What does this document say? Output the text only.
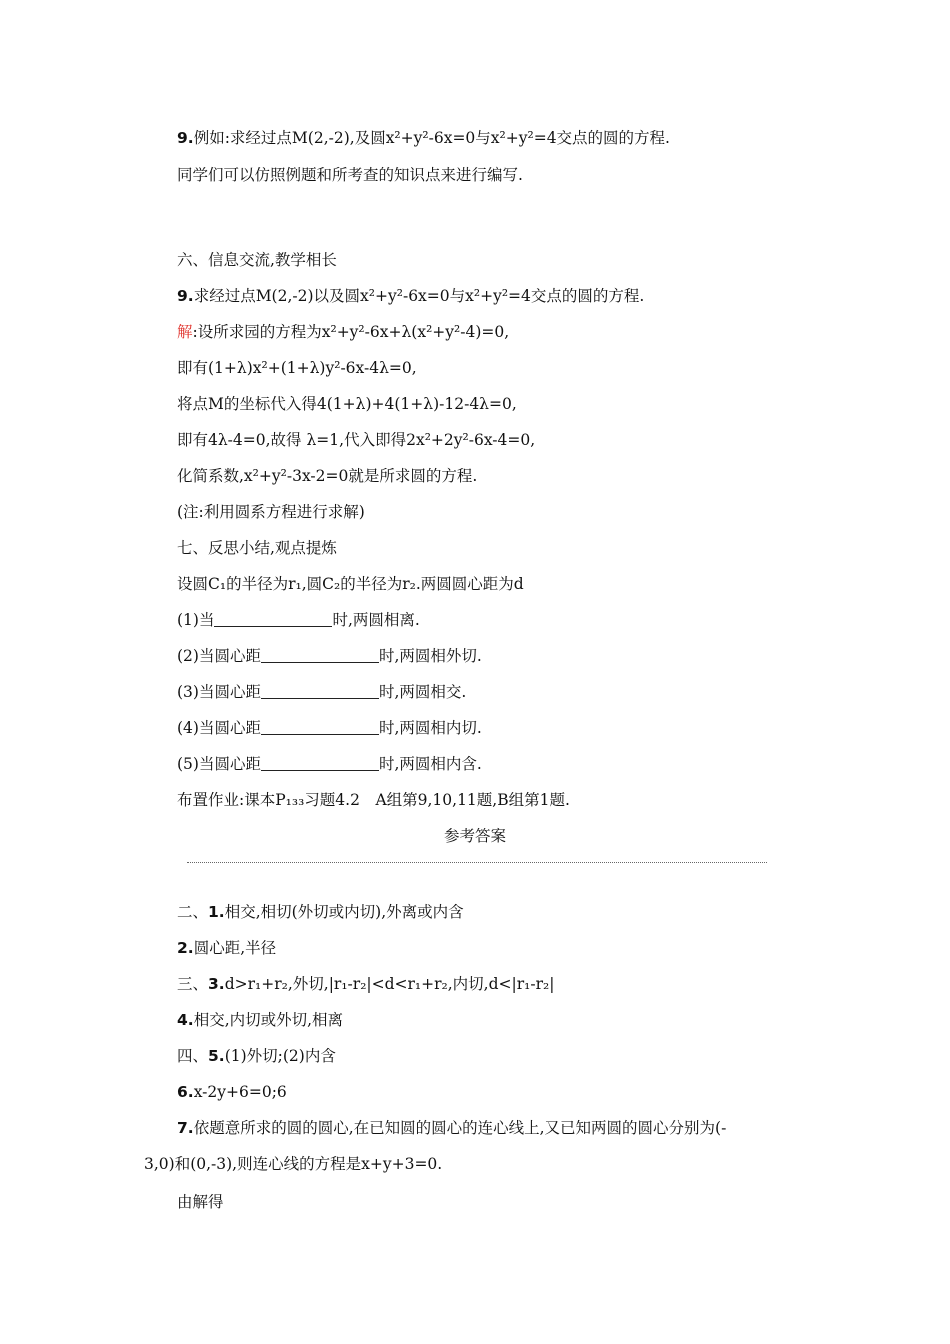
9.例如:求经过点M(2,-2),及圆x²+y²-6x=0与x²+y²=4交点的圆的方程.
同学们可以仿照例题和所考查的知识点来进行编写.
六、信息交流,教学相长
9.求经过点M(2,-2)以及圆x²+y²-6x=0与x²+y²=4交点的圆的方程.
解:设所求园的方程为x²+y²-6x+λ(x²+y²-4)=0,
即有(1+λ)x²+(1+λ)y²-6x-4λ=0,
将点M的坐标代入得4(1+λ)+4(1+λ)-12-4λ=0,
即有4λ-4=0,故得 λ=1,代入即得2x²+2y²-6x-4=0,
化简系数,x²+y²-3x-2=0就是所求圆的方程.
(注:利用圆系方程进行求解)
七、反思小结,观点提炼
设圆C₁的半径为r₁,圆C₂的半径为r₂.两圆圆心距为d
(1)当	时,两圆相离.
(2)当圆心距	时,两圆相外切.
(3)当圆心距	时,两圆相交.
(4)当圆心距	时,两圆相内切.
(5)当圆心距	时,两圆相内含.
布置作业:课本P₁₃₃习题4.2　A组第9,10,11题,B组第1题.
参考答案
二、1.相交,相切(外切或内切),外离或内含
2.圆心距,半径
三、3.d>r₁+r₂,外切,|r₁-r₂|<d<r₁+r₂,内切,d<|r₁-r₂|
4.相交,内切或外切,相离
四、5.(1)外切;(2)内含
6.x-2y+6=0;6
7.依题意所求的圆的圆心,在已知圆的圆心的连心线上,又已知两圆的圆心分别为(-
3,0)和(0,-3),则连心线的方程是x+y+3=0.
由解得
